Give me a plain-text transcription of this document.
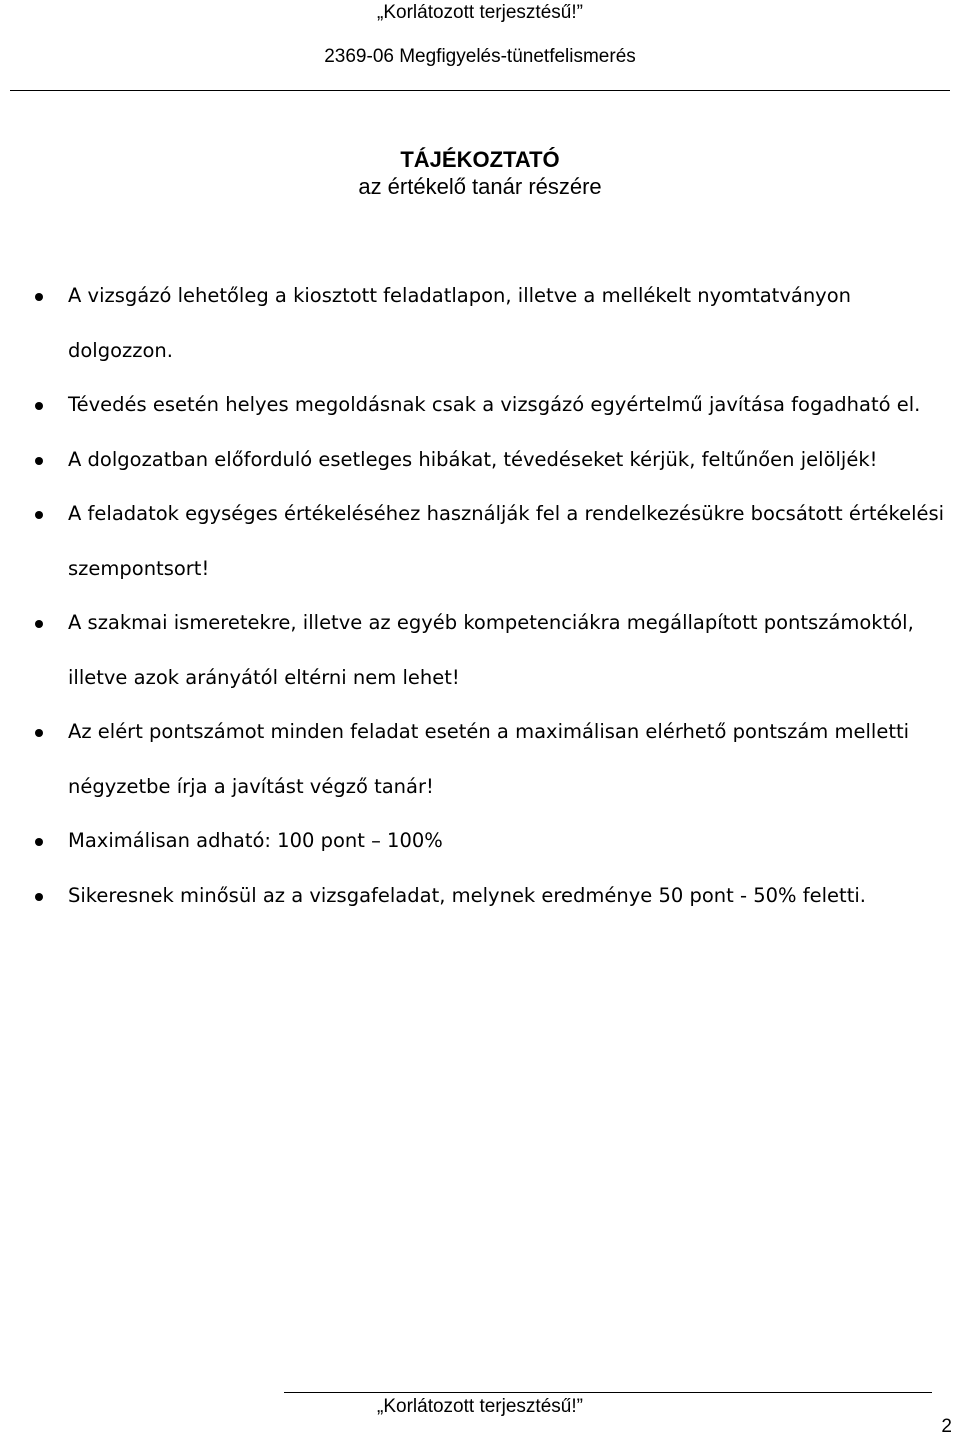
„Korlátozott terjesztésű!”
2369-06 Megfigyelés-tünetfelismerés
TÁJÉKOZTATÓ
az értékelő tanár részére
A vizsgázó lehetőleg a kiosztott feladatlapon, illetve a mellékelt nyomtatványon
dolgozzon.
Tévedés esetén helyes megoldásnak csak a vizsgázó egyértelmű javítása fogadható el.
A dolgozatban előforduló esetleges hibákat, tévedéseket kérjük, feltűnően jelöljék!
A feladatok egységes értékeléséhez használják fel a rendelkezésükre bocsátott értékelési
szempontsort!
A szakmai ismeretekre, illetve az egyéb kompetenciákra megállapított pontszámoktól,
illetve azok arányától eltérni nem lehet!
Az elért pontszámot minden feladat esetén a maximálisan elérhető pontszám melletti
négyzetbe írja a javítást végző tanár!
Maximálisan adható: 100 pont – 100%
Sikeresnek minősül az a vizsgafeladat, melynek eredménye 50 pont - 50% feletti.
„Korlátozott terjesztésű!”
2
